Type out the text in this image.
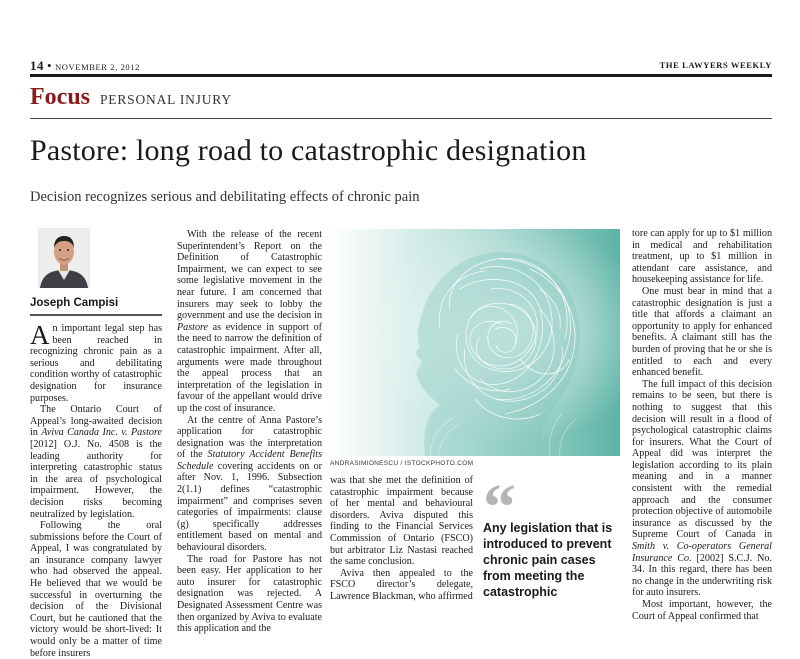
14 • NOVEMBER 2, 2012	THE LAWYERS WEEKLY
Focus PERSONAL INJURY
Pastore: long road to catastrophic designation
Decision recognizes serious and debilitating effects of chronic pain
Joseph Campisi

An important legal step has been reached in recognizing chronic pain as a serious and debilitating condition worthy of catastrophic designation for insurance purposes.

The Ontario Court of Appeal’s long-awaited decision in Aviva Canada Inc. v. Pastore [2012] O.J. No. 4508 is the leading authority for interpreting catastrophic status in the area of psychological impairment. However, the decision risks becoming neutralized by legislation.

Following the oral submissions before the Court of Appeal, I was congratulated by an insurance company lawyer who had observed the appeal. He believed that we would be successful in overturning the decision of the Divisional Court, but he cautioned that the victory would be short-lived: It would only be a matter of time before insurers

With the release of the recent Superintendent’s Report on the Definition of Catastrophic Impairment, we can expect to see some legislative movement in the near future. I am concerned that insurers may seek to lobby the government and use the decision in Pastore as evidence in support of the need to narrow the definition of catastrophic impairment. After all, arguments were made throughout the appeal process that an interpretation of the legislation in favour of the appellant would drive up the cost of insurance.

At the centre of Anna Pastore’s application for catastrophic designation was the interpretation of the Statutory Accident Benefits Schedule covering accidents on or after Nov. 1, 1996. Subsection 2(1.1) defines “catastrophic impairment” and comprises seven categories of impairments: clause (g) specifically addresses entitlement based on mental and behavioural disorders.

The road for Pastore has not been easy. Her application to her auto insurer for catastrophic designation was rejected. A Designated Assessment Centre was then organized by Aviva to evaluate this application and the

ANDRASIMIONESCU / ISTOCKPHOTO.COM

was that she met the definition of catastrophic impairment because of her mental and behavioural disorders. Aviva disputed this finding to the Financial Services Commission of Ontario (FSCO) but arbitrator Liz Nastasi reached the same conclusion.

Aviva then appealed to the FSCO director’s delegate, Lawrence Blackman, who affirmed

“
Any legislation that is introduced to prevent chronic pain cases from meeting the catastrophic

tore can apply for up to $1 million in medical and rehabilitation treatment, up to $1 million in attendant care assistance, and housekeeping assistance for life.

One must bear in mind that a catastrophic designation is just a title that affords a claimant an opportunity to apply for enhanced benefits. A claimant still has the burden of proving that he or she is entitled to each and every enhanced benefit.

The full impact of this decision remains to be seen, but there is nothing to suggest that this decision will result in a flood of psychological catastrophic claims for insurers. What the Court of Appeal did was interpret the legislation according to its plain meaning and in a manner consistent with the remedial approach and the consumer protection objective of automobile insurance as discussed by the Supreme Court of Canada in Smith v. Co-operators General Insurance Co. [2002] S.C.J. No. 34. In this regard, there has been no change in the underwriting risk for auto insurers.

Most important, however, the Court of Appeal confirmed that
